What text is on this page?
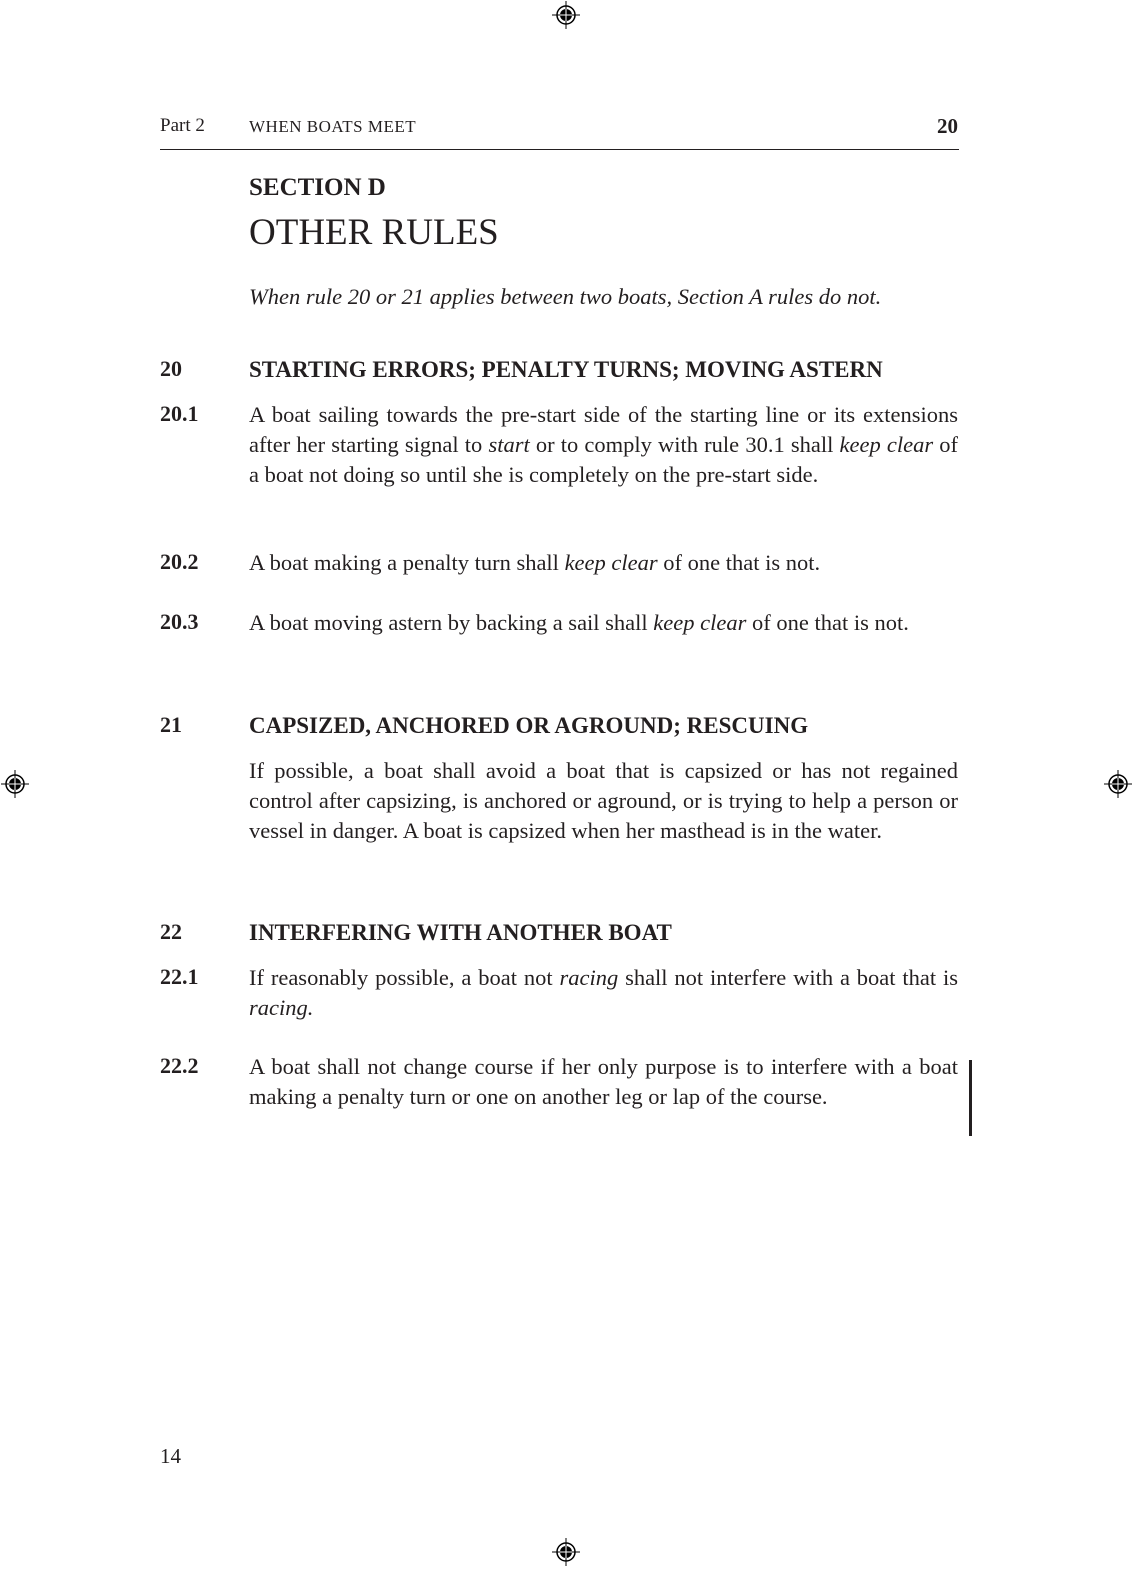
Part 2	WHEN BOATS MEET	20
SECTION D
OTHER RULES
When rule 20 or 21 applies between two boats, Section A rules do not.
20	STARTING ERRORS; PENALTY TURNS; MOVING ASTERN
20.1 A boat sailing towards the pre-start side of the starting line or its extensions after her starting signal to start or to comply with rule 30.1 shall keep clear of a boat not doing so until she is completely on the pre-start side.
20.2 A boat making a penalty turn shall keep clear of one that is not.
20.3 A boat moving astern by backing a sail shall keep clear of one that is not.
21	CAPSIZED, ANCHORED OR AGROUND; RESCUING
If possible, a boat shall avoid a boat that is capsized or has not regained control after capsizing, is anchored or aground, or is trying to help a person or vessel in danger. A boat is capsized when her masthead is in the water.
22	INTERFERING WITH ANOTHER BOAT
22.1 If reasonably possible, a boat not racing shall not interfere with a boat that is racing.
22.2 A boat shall not change course if her only purpose is to interfere with a boat making a penalty turn or one on another leg or lap of the course.
14
